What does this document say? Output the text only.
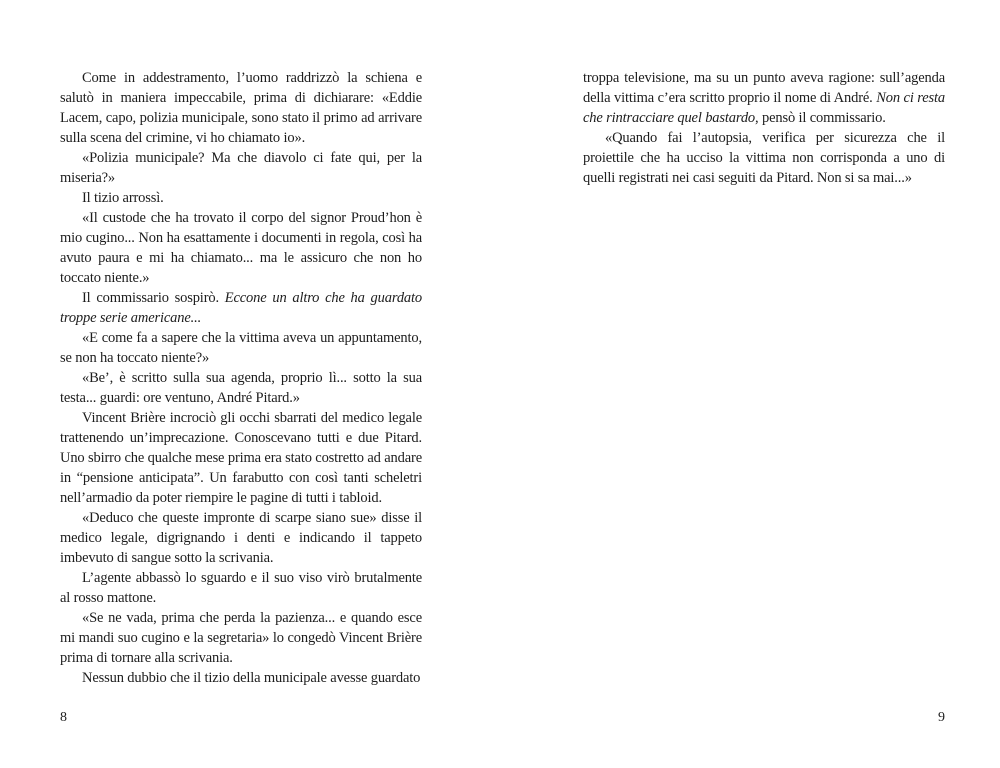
Come in addestramento, l’uomo raddrizzò la schiena e salutò in maniera impeccabile, prima di dichiarare: «Eddie Lacem, capo, polizia municipale, sono stato il primo ad arrivare sulla scena del crimine, vi ho chiamato io».

«Polizia municipale? Ma che diavolo ci fate qui, per la miseria?»

Il tizio arrossì.

«Il custode che ha trovato il corpo del signor Proud’hon è mio cugino... Non ha esattamente i documenti in regola, così ha avuto paura e mi ha chiamato... ma le assicuro che non ho toccato niente.»

Il commissario sospirò. Eccone un altro che ha guardato troppe serie americane...

«E come fa a sapere che la vittima aveva un appuntamento, se non ha toccato niente?»

«Be’, è scritto sulla sua agenda, proprio lì... sotto la sua testa... guardi: ore ventuno, André Pitard.»

Vincent Brière incrociò gli occhi sbarrati del medico legale trattenendo un’imprecazione. Conoscevano tutti e due Pitard. Uno sbirro che qualche mese prima era stato costretto ad andare in “pensione anticipata”. Un farabutto con così tanti scheletri nell’armadio da poter riempire le pagine di tutti i tabloid.

«Deduco che queste impronte di scarpe siano sue» disse il medico legale, digrignando i denti e indicando il tappeto imbevuto di sangue sotto la scrivania.

L’agente abbassò lo sguardo e il suo viso virò brutalmente al rosso mattone.

«Se ne vada, prima che perda la pazienza... e quando esce mi mandi suo cugino e la segretaria» lo congedò Vincent Brière prima di tornare alla scrivania.

Nessun dubbio che il tizio della municipale avesse guardato

troppa televisione, ma su un punto aveva ragione: sull’agenda della vittima c’era scritto proprio il nome di André. Non ci resta che rintracciare quel bastardo, pensò il commissario.

«Quando fai l’autopsia, verifica per sicurezza che il proiettile che ha ucciso la vittima non corrisponda a uno di quelli registrati nei casi seguiti da Pitard. Non si sa mai...»

8	9
